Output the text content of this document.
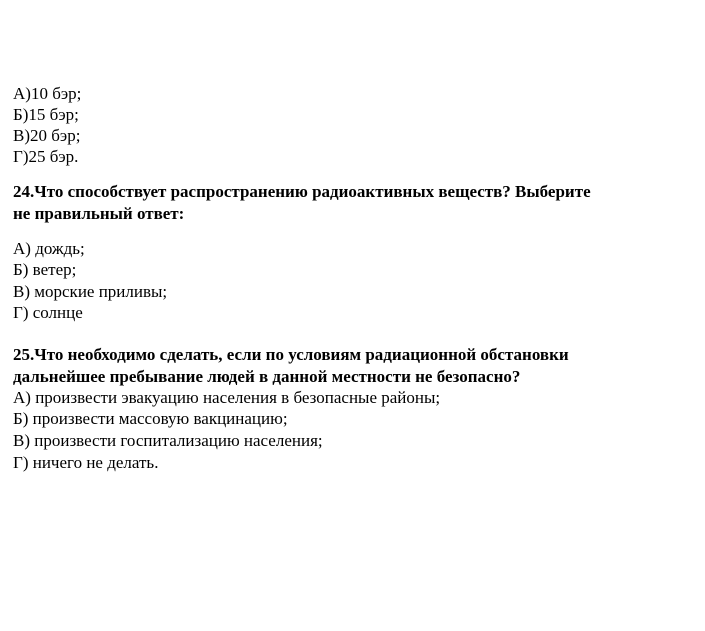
А)10 бэр;
Б)15 бэр;
В)20 бэр;
Г)25 бэр.
24.Что способствует распространению радиоактивных веществ? Выберите
не правильный ответ:
А) дождь;
Б) ветер;
В) морские приливы;
Г) солнце
25.Что необходимо сделать, если по условиям радиационной обстановки
дальнейшее пребывание людей в данной местности не безопасно?
А) произвести эвакуацию населения в безопасные районы;
Б) произвести массовую вакцинацию;
В) произвести госпитализацию населения;
Г) ничего не делать.
